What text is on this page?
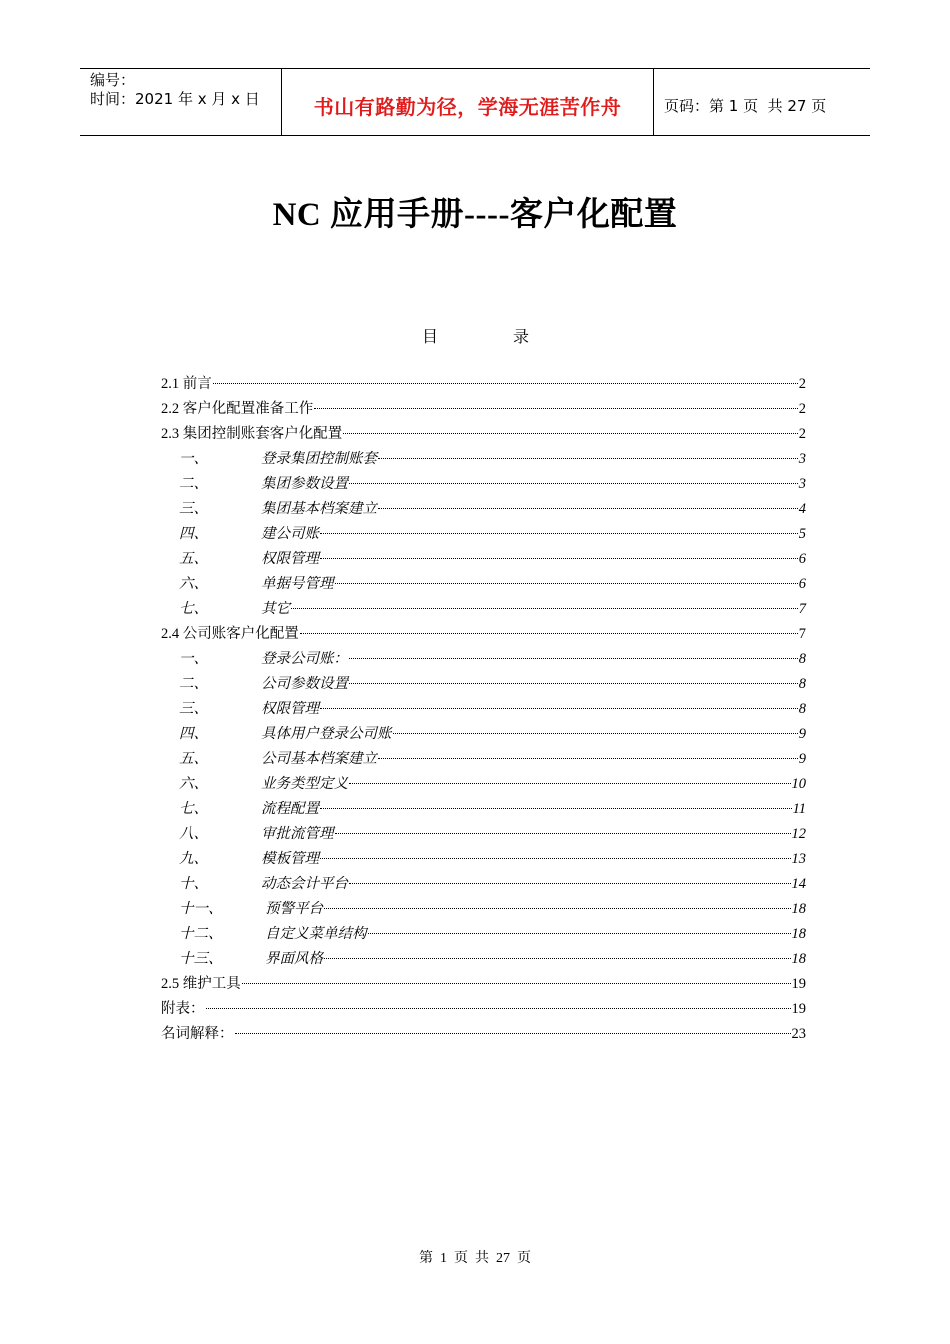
编号：
时间：2021 年 x 月 x 日	书山有路勤为径，学海无涯苦作舟	页码：第 1 页  共 27 页
NC 应用手册----客户化配置
目	录
2.1 前言	2
2.2 客户化配置准备工作	2
2.3 集团控制账套客户化配置	2
一、	登录集团控制账套	3
二、	集团参数设置	3
三、	集团基本档案建立	4
四、	建公司账	5
五、	权限管理	6
六、	单据号管理	6
七、	其它	7
2.4 公司账客户化配置	7
一、	登录公司账：	8
二、	公司参数设置	8
三、	权限管理	8
四、	具体用户登录公司账	9
五、	公司基本档案建立	9
六、	业务类型定义	10
七、	流程配置	11
八、	审批流管理	12
九、	模板管理	13
十、	动态会计平台	14
十一、	预警平台	18
十二、	自定义菜单结构	18
十三、	界面风格	18
2.5 维护工具	19
附表：	19
名词解释：	23
第  1  页  共  27  页
